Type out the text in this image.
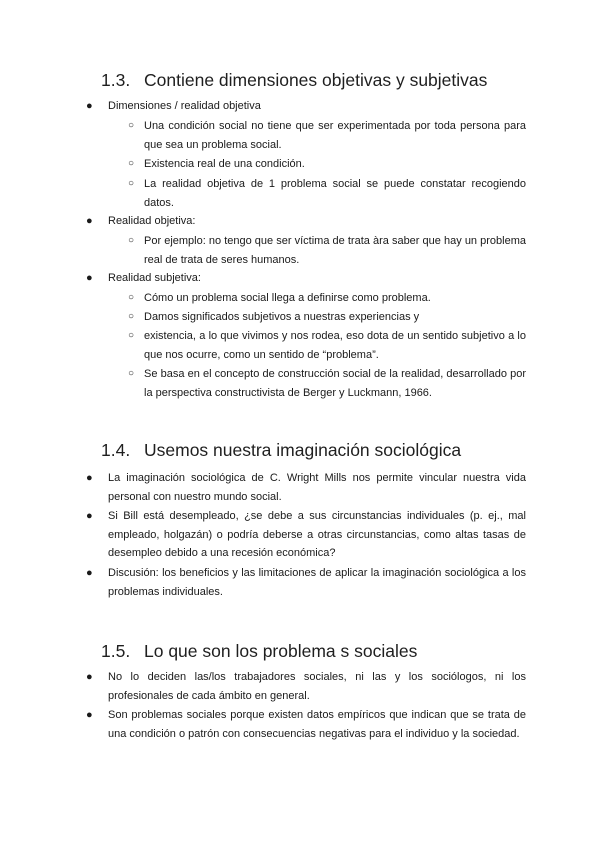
1.3. Contiene dimensiones objetivas y subjetivas
● Dimensiones / realidad objetiva
○ Una condición social no tiene que ser experimentada por toda persona para que sea un problema social.
○ Existencia real de una condición.
○ La realidad objetiva de 1 problema social se puede constatar recogiendo datos.
● Realidad objetiva:
○ Por ejemplo: no tengo que ser víctima de trata àra saber que hay un problema real de trata de seres humanos.
● Realidad subjetiva:
○ Cómo un problema social llega a definirse como problema.
○ Damos significados subjetivos a nuestras experiencias y
○ existencia, a lo que vivimos y nos rodea, eso dota de un sentido subjetivo a lo que nos ocurre, como un sentido de “problema”.
○ Se basa en el concepto de construcción social de la realidad, desarrollado por la perspectiva constructivista de Berger y Luckmann, 1966.
1.4. Usemos nuestra imaginación sociológica
● La imaginación sociológica de C. Wright Mills nos permite vincular nuestra vida personal con nuestro mundo social.
● Si Bill está desempleado, ¿se debe a sus circunstancias individuales (p. ej., mal empleado, holgazán) o podría deberse a otras circunstancias, como altas tasas de desempleo debido a una recesión económica?
● Discusión: los beneficios y las limitaciones de aplicar la imaginación sociológica a los problemas individuales.
1.5. Lo que son los problema s sociales
● No lo deciden las/los trabajadores sociales, ni las y los sociólogos, ni los profesionales de cada ámbito en general.
● Son problemas sociales porque existen datos empíricos que indican que se trata de una condición o patrón con consecuencias negativas para el individuo y la sociedad.
